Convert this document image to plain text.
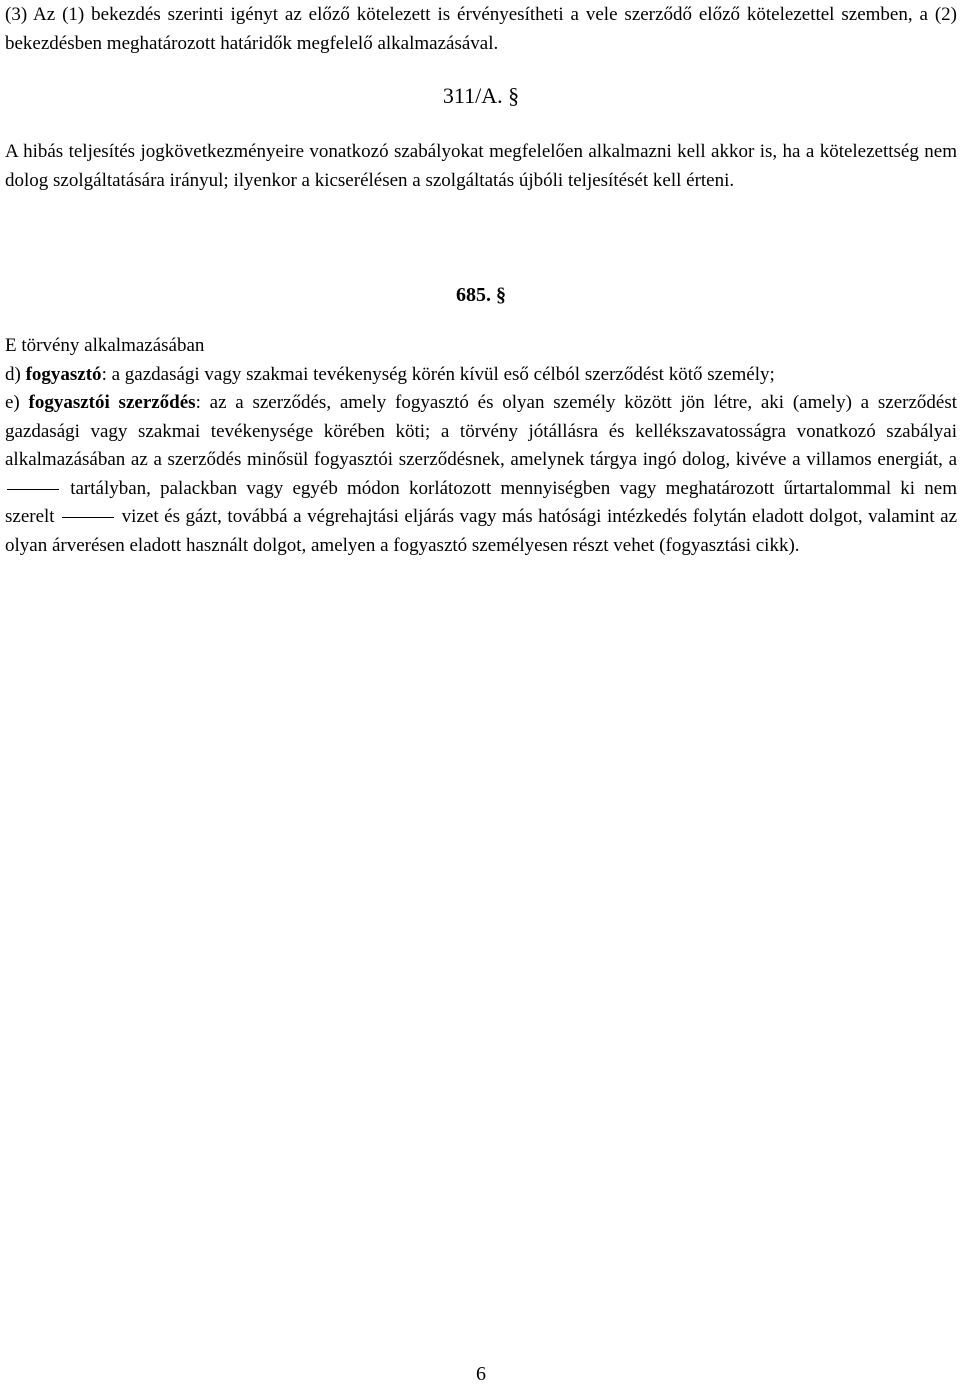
(3) Az (1) bekezdés szerinti igényt az előző kötelezett is érvényesítheti a vele szerződő előző kötelezettel szemben, a (2) bekezdésben meghatározott határidők megfelelő alkalmazásával.

311/A. §

A hibás teljesítés jogkövetkezményeire vonatkozó szabályokat megfelelően alkalmazni kell akkor is, ha a kötelezettség nem dolog szolgáltatására irányul; ilyenkor a kicserélésen a szolgáltatás újbóli teljesítését kell érteni.

685. §

E törvény alkalmazásában

d) fogyasztó: a gazdasági vagy szakmai tevékenység körén kívül eső célból szerződést kötő személy;

e) fogyasztói szerződés: az a szerződés, amely fogyasztó és olyan személy között jön létre, aki (amely) a szerződést gazdasági vagy szakmai tevékenysége körében köti; a törvény jótállásra és kellékszavatosságra vonatkozó szabályai alkalmazásában az a szerződés minősül fogyasztói szerződésnek, amelynek tárgya ingó dolog, kivéve a villamos energiát, a  tartályban, palackban vagy egyéb módon korlátozott mennyiségben vagy meghatározott űrtartalommal ki nem szerelt	vizet és gázt, továbbá a végrehajtási eljárás vagy más hatósági intézkedés folytán eladott dolgot, valamint az olyan árverésen eladott használt dolgot, amelyen a fogyasztó személyesen részt vehet (fogyasztási cikk).

6
